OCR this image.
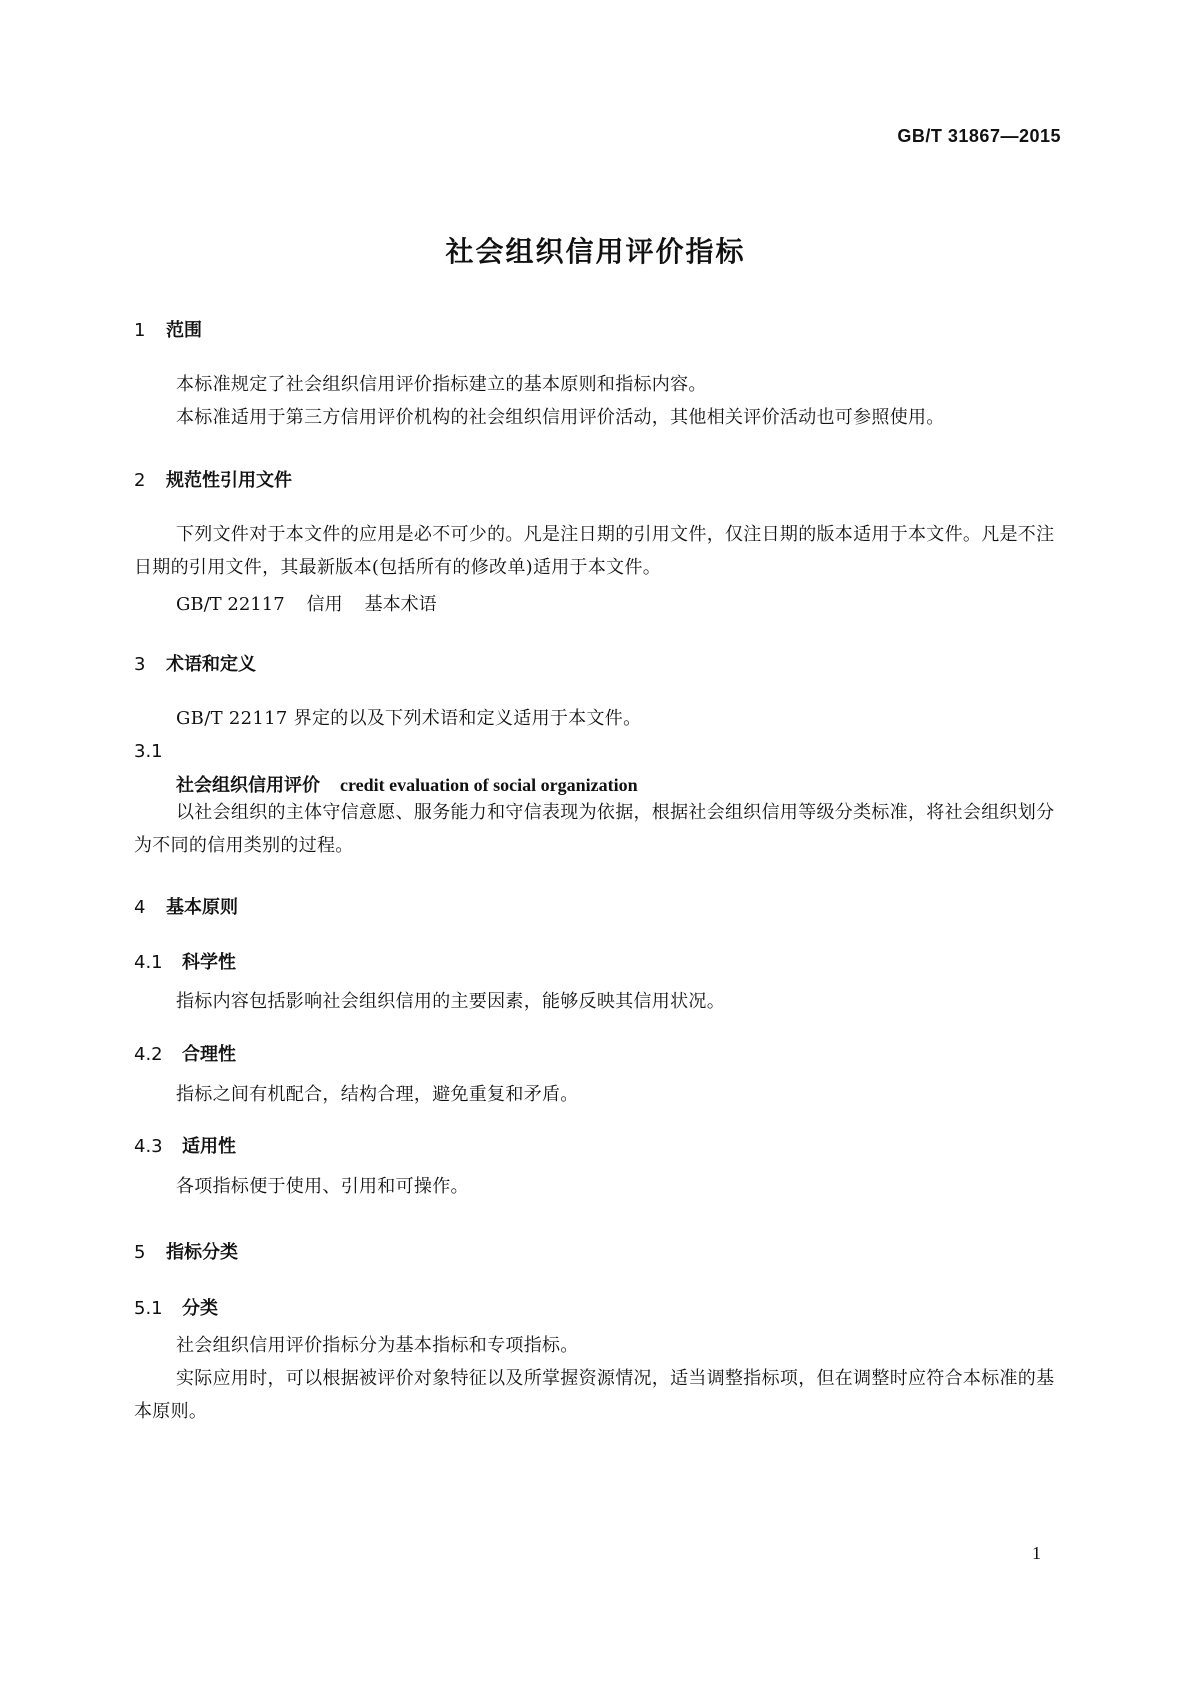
GB/T 31867—2015
社会组织信用评价指标
1 范围
本标准规定了社会组织信用评价指标建立的基本原则和指标内容。
本标准适用于第三方信用评价机构的社会组织信用评价活动，其他相关评价活动也可参照使用。
2 规范性引用文件
下列文件对于本文件的应用是必不可少的。凡是注日期的引用文件，仅注日期的版本适用于本文件。凡是不注日期的引用文件，其最新版本(包括所有的修改单)适用于本文件。
GB/T 22117 信用 基本术语
3 术语和定义
GB/T 22117 界定的以及下列术语和定义适用于本文件。
3.1
社会组织信用评价 credit evaluation of social organization
以社会组织的主体守信意愿、服务能力和守信表现为依据，根据社会组织信用等级分类标准，将社会组织划分为不同的信用类别的过程。
4 基本原则
4.1 科学性
指标内容包括影响社会组织信用的主要因素，能够反映其信用状况。
4.2 合理性
指标之间有机配合，结构合理，避免重复和矛盾。
4.3 适用性
各项指标便于使用、引用和可操作。
5 指标分类
5.1 分类
社会组织信用评价指标分为基本指标和专项指标。
实际应用时，可以根据被评价对象特征以及所掌握资源情况，适当调整指标项，但在调整时应符合本标准的基本原则。
1
